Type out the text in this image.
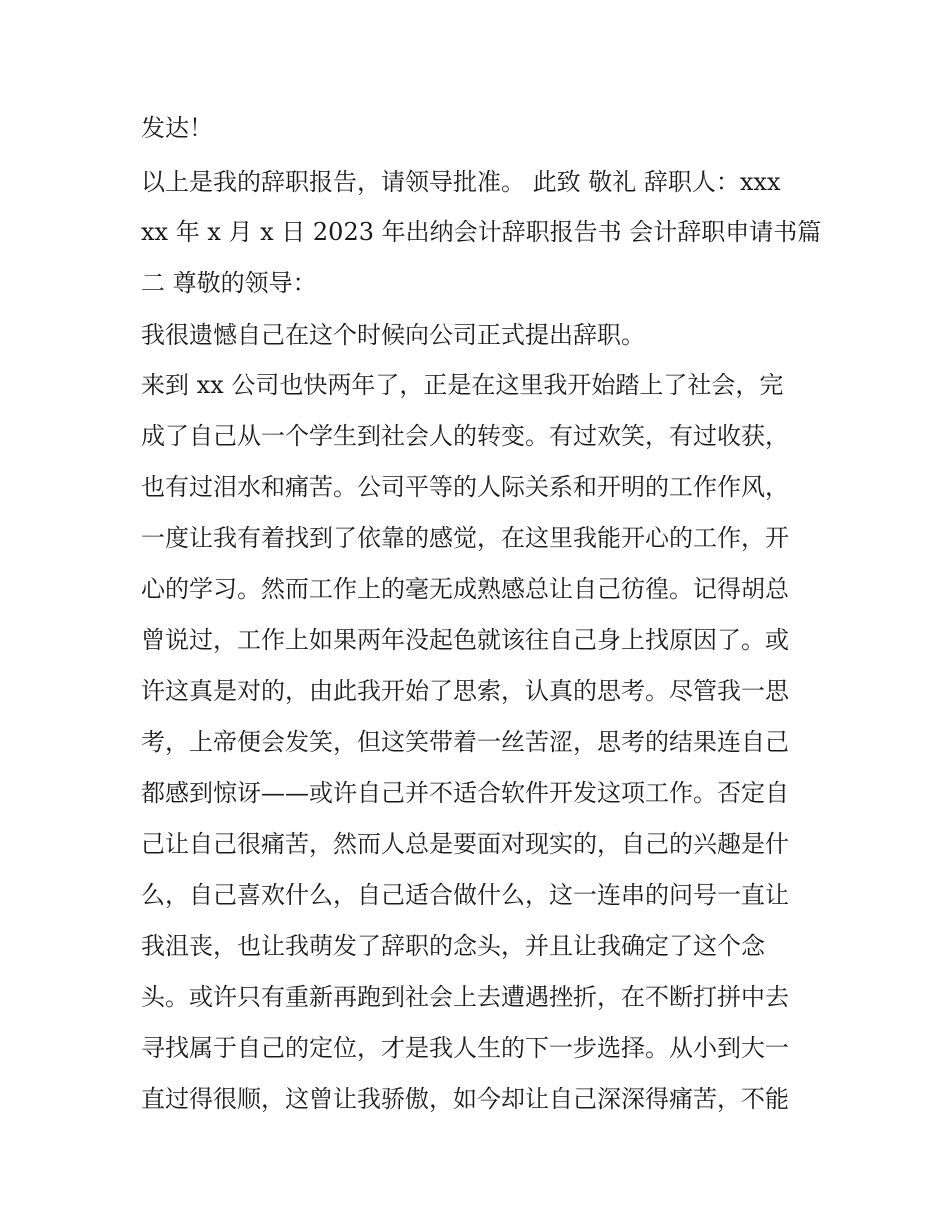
发达！
以上是我的辞职报告，请领导批准。 此致 敬礼 辞职人：xxx
xx 年 x 月 x 日 2023 年出纳会计辞职报告书 会计辞职申请书篇
二 尊敬的领导：
我很遗憾自己在这个时候向公司正式提出辞职。
来到 xx 公司也快两年了，正是在这里我开始踏上了社会，完
成了自己从一个学生到社会人的转变。有过欢笑，有过收获，
也有过泪水和痛苦。公司平等的人际关系和开明的工作作风，
一度让我有着找到了依靠的感觉，在这里我能开心的工作，开
心的学习。然而工作上的毫无成熟感总让自己彷徨。记得胡总
曾说过，工作上如果两年没起色就该往自己身上找原因了。或
许这真是对的，由此我开始了思索，认真的思考。尽管我一思
考，上帝便会发笑，但这笑带着一丝苦涩，思考的结果连自己
都感到惊讶——或许自己并不适合软件开发这项工作。否定自
己让自己很痛苦，然而人总是要面对现实的，自己的兴趣是什
么，自己喜欢什么，自己适合做什么，这一连串的问号一直让
我沮丧，也让我萌发了辞职的念头，并且让我确定了这个念
头。或许只有重新再跑到社会上去遭遇挫折，在不断打拼中去
寻找属于自己的定位，才是我人生的下一步选择。从小到大一
直过得很顺，这曾让我骄傲，如今却让自己深深得痛苦，不能
